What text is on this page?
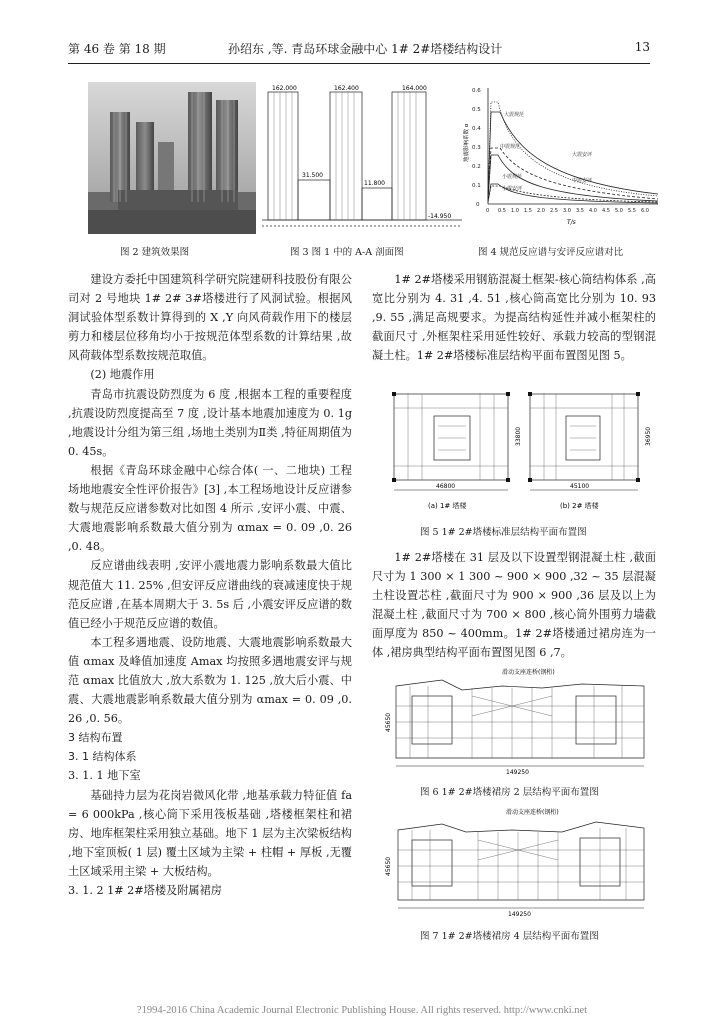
第 46 卷 第 18 期	孙绍东 ,等. 青岛环球金融中心 1# 2#塔楼结构设计	13
图 2 建筑效果图
162.000	162.400	164.000
31.500
11.800
-14.950
图 3 图 1 中的 A-A 剖面图
0
0.1
0.2
0.3
0.4
0.5
0.6
0 0.5 1.0 1.5 2.0 2.5 3.0 3.5 4.0 4.5 5.0 5.5 6.0
T/s
地震影响系数 α
大震规范
中震规范
中震安评
小震规范
小震安评
大震安评
图 4 规范反应谱与安评反应谱对比

建设方委托中国建筑科学研究院建研科技股份有限公司对 2 号地块 1# 2# 3#塔楼进行了风洞试验。根据风洞试验体型系数计算得到的 X ,Y 向风荷载作用下的楼层剪力和楼层位移角均小于按规范体型系数的计算结果 ,故风荷载体型系数按规范取值。

(2) 地震作用

青岛市抗震设防烈度为 6 度 ,根据本工程的重要程度 ,抗震设防烈度提高至 7 度 ,设计基本地震加速度为 0. 1g ,地震设计分组为第三组 ,场地土类别为Ⅱ类 ,特征周期值为 0. 45s。

根据《青岛环球金融中心综合体( 一、二地块) 工程场地地震安全性评价报告》[3] ,本工程场地设计反应谱参数与规范反应谱参数对比如图 4 所示 ,安评小震、中震、大震地震影响系数最大值分别为 αmax = 0. 09 ,0. 26 ,0. 48。

反应谱曲线表明 ,安评小震地震力影响系数最大值比规范值大 11. 25% ,但安评反应谱曲线的衰减速度快于规范反应谱 ,在基本周期大于 3. 5s 后 ,小震安评反应谱的数值已经小于规范反应谱的数值。

本工程多遇地震、设防地震、大震地震影响系数最大值 αmax 及峰值加速度 Amax 均按照多遇地震安评与规范 αmax 比值放大 ,放大系数为 1. 125 ,放大后小震、中震、大震地震影响系数最大值分别为 αmax = 0. 09 ,0. 26 ,0. 56。

3 结构布置

3. 1 结构体系

3. 1. 1 地下室

基础持力层为花岗岩微风化带 ,地基承载力特征值 fa = 6 000kPa ,核心筒下采用筏板基础 ,塔楼框架柱和裙房、地库框架柱采用独立基础。地下 1 层为主次梁板结构 ,地下室顶板( 1 层) 覆土区域为主梁 + 柱帽 + 厚板 ,无覆土区域采用主梁 + 大板结构。

3. 1. 2 1# 2#塔楼及附属裙房

1# 2#塔楼采用钢筋混凝土框架-核心筒结构体系 ,高宽比分别为 4. 31 ,4. 51 ,核心筒高宽比分别为 10. 93 ,9. 55 ,满足高规要求。为提高结构延性并减小框架柱的截面尺寸 ,外框架柱采用延性较好、承载力较高的型钢混凝土柱。1# 2#塔楼标准层结构平面布置图见图 5。

46800	45100
33800	36950
(a) 1# 塔楼	(b) 2# 塔楼
图 5 1# 2#塔楼标准层结构平面布置图

1# 2#塔楼在 31 层及以下设置型钢混凝土柱 ,截面尺寸为 1 300 × 1 300 ~ 900 × 900 ,32 ~ 35 层混凝土柱设置芯柱 ,截面尺寸为 900 × 900 ,36 层及以上为混凝土柱 ,截面尺寸为 700 × 800 ,核心筒外围剪力墙截面厚度为 850 ~ 400mm。1# 2#塔楼通过裙房连为一体 ,裙房典型结构平面布置图见图 6 ,7。

滑动支座连桥(钢桁)
149250
45650
图 6 1# 2#塔楼裙房 2 层结构平面布置图
滑动支座连桥(钢桁)
149250
45650
图 7 1# 2#塔楼裙房 4 层结构平面布置图
?1994-2016 China Academic Journal Electronic Publishing House. All rights reserved. http://www.cnki.net
